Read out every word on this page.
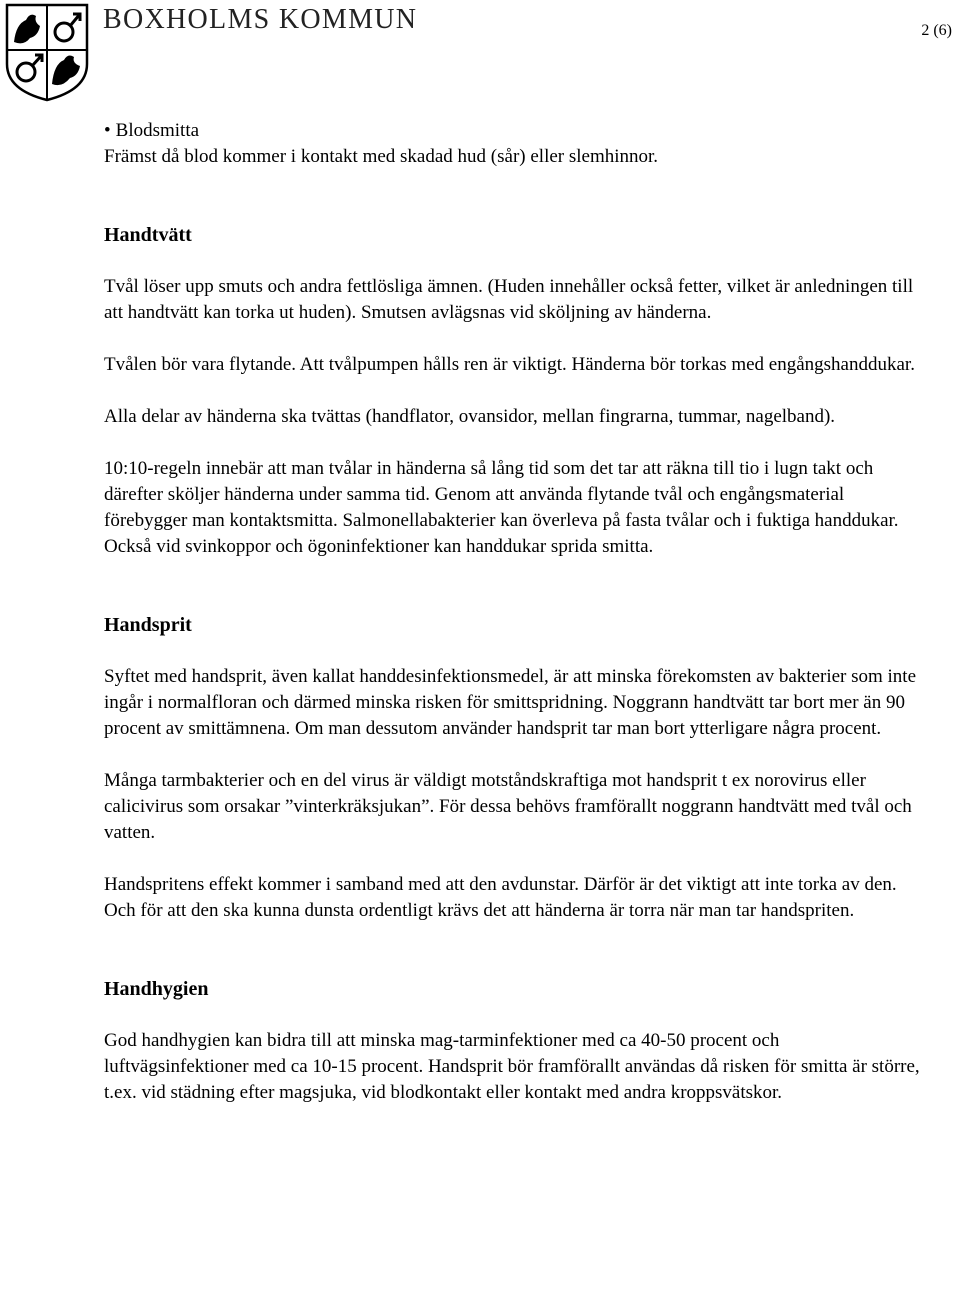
BOXHOLMS KOMMUN	2 (6)

• Blodsmitta

Främst då blod kommer i kontakt med skadad hud (sår) eller slemhinnor.

Handtvätt

Tvål löser upp smuts och andra fettlösliga ämnen. (Huden innehåller också fetter, vilket är anledningen till att handtvätt kan torka ut huden). Smutsen avlägsnas vid sköljning av händerna.

Tvålen bör vara flytande. Att tvålpumpen hålls ren är viktigt. Händerna bör torkas med engångshanddukar.

Alla delar av händerna ska tvättas (handflator, ovansidor, mellan fingrarna, tummar, nagelband).

10:10-regeln innebär att man tvålar in händerna så lång tid som det tar att räkna till tio i lugn takt och därefter sköljer händerna under samma tid. Genom att använda flytande tvål och engångsmaterial förebygger man kontaktsmitta. Salmonellabakterier kan överleva på fasta tvålar och i fuktiga handdukar. Också vid svinkoppor och ögoninfektioner kan handdukar sprida smitta.

Handsprit

Syftet med handsprit, även kallat handdesinfektionsmedel, är att minska förekomsten av bakterier som inte ingår i normalfloran och därmed minska risken för smittspridning. Noggrann handtvätt tar bort mer än 90 procent av smittämnena. Om man dessutom använder handsprit tar man bort ytterligare några procent.

Många tarmbakterier och en del virus är väldigt motståndskraftiga mot handsprit t ex norovirus eller calicivirus som orsakar ”vinterkräksjukan”. För dessa behövs framförallt noggrann handtvätt med tvål och vatten.

Handspritens effekt kommer i samband med att den avdunstar. Därför är det viktigt att inte torka av den. Och för att den ska kunna dunsta ordentligt krävs det att händerna är torra när man tar handspriten.

Handhygien

God handhygien kan bidra till att minska mag-tarminfektioner med ca 40-50 procent och luftvägsinfektioner med ca 10-15 procent. Handsprit bör framförallt användas då risken för smitta är större, t.ex. vid städning efter magsjuka, vid blodkontakt eller kontakt med andra kroppsvätskor.
